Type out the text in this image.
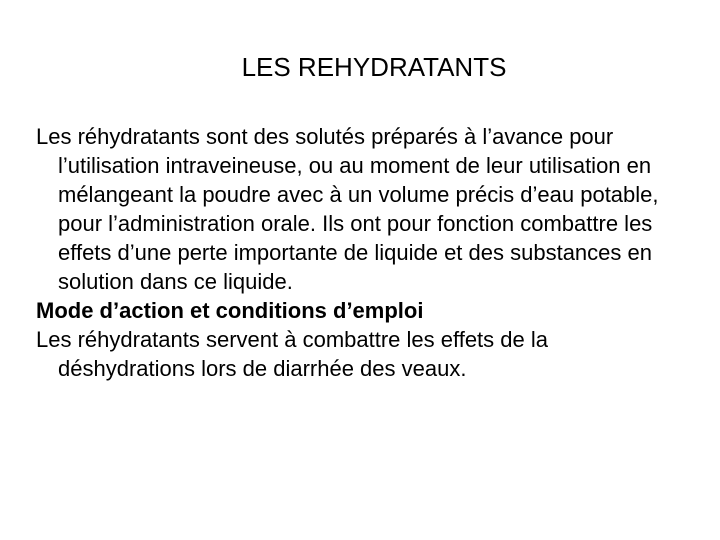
LES REHYDRATANTS

Les réhydratants sont des solutés préparés à l’avance pour l’utilisation intraveineuse, ou au moment de leur utilisation en mélangeant la poudre avec à un volume précis d’eau potable, pour l’administration orale. Ils ont pour fonction combattre les effets d’une perte importante de liquide et des substances en solution dans ce liquide.

Mode d’action et conditions d’emploi

Les réhydratants servent à combattre les effets de la déshydrations lors de diarrhée des veaux.
